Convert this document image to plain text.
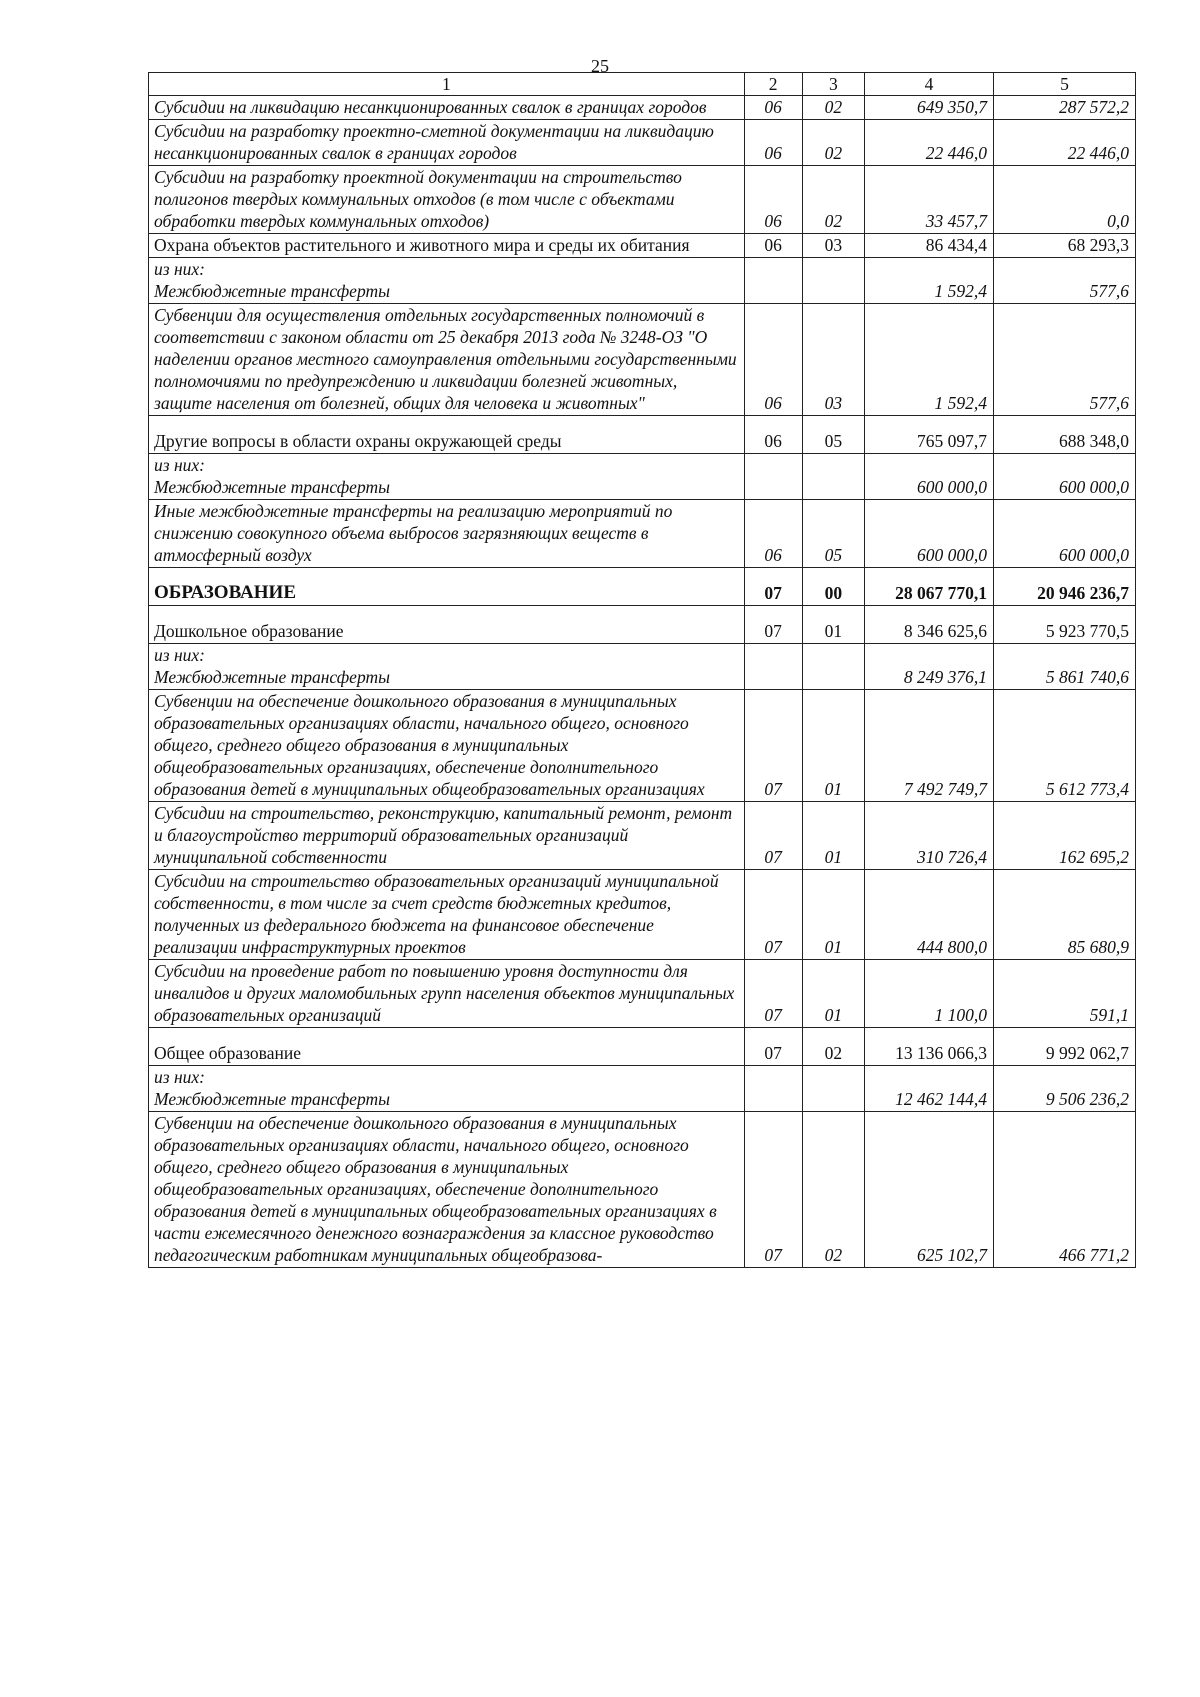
25
1	2	3	4	5
Субсидии на ликвидацию несанкционированных свалок в границах городов	06	02	649 350,7	287 572,2
Субсидии на разработку проектно-сметной документации на ликвидацию несанкционированных свалок в границах городов	06	02	22 446,0	22 446,0
Субсидии на разработку проектной документации на строительство полигонов твердых коммунальных отходов (в том числе с объектами обработки твердых коммунальных отходов)	06	02	33 457,7	0,0
Охрана объектов растительного и животного мира и среды их обитания	06	03	86 434,4	68 293,3

из них:
Межбюджетные трансферты			1 592,4	577,6
Субвенции для осуществления отдельных государственных полномочий в соответствии с законом области от 25 декабря 2013 года № 3248-ОЗ "О наделении органов местного самоуправления отдельными государственными полномочиями по предупреждению и ликвидации болезней животных, защите населения от болезней, общих для человека и животных"	06	03	1 592,4	577,6
Другие вопросы в области охраны окружающей среды	06	05	765 097,7	688 348,0

из них:
Межбюджетные трансферты			600 000,0	600 000,0
Иные межбюджетные трансферты на реализацию мероприятий по снижению совокупного объема выбросов загрязняющих веществ в атмосферный воздух	06	05	600 000,0	600 000,0
ОБРАЗОВАНИЕ	07	00	28 067 770,1	20 946 236,7
Дошкольное образование	07	01	8 346 625,6	5 923 770,5

из них:
Межбюджетные трансферты			8 249 376,1	5 861 740,6
Субвенции на обеспечение дошкольного образования в муниципальных образовательных организациях области, начального общего, основного общего, среднего общего образования в муниципальных общеобразовательных организациях, обеспечение дополнительного образования детей в муниципальных общеобразовательных организациях	07	01	7 492 749,7	5 612 773,4
Субсидии на строительство, реконструкцию, капитальный ремонт, ремонт и благоустройство территорий образовательных организаций муниципальной собственности	07	01	310 726,4	162 695,2
Субсидии на строительство образовательных организаций муниципальной собственности, в том числе за счет средств бюджетных кредитов, полученных из федерального бюджета на финансовое обеспечение реализации инфраструктурных проектов	07	01	444 800,0	85 680,9
Субсидии на проведение работ по повышению уровня доступности для инвалидов и других маломобильных групп населения объектов муниципальных образовательных организаций	07	01	1 100,0	591,1
Общее образование	07	02	13 136 066,3	9 992 062,7

из них:
Межбюджетные трансферты			12 462 144,4	9 506 236,2
Субвенции на обеспечение дошкольного образования в муниципальных образовательных организациях области, начального общего, основного общего, среднего общего образования в муниципальных общеобразовательных организациях, обеспечение дополнительного образования детей в муниципальных общеобразовательных организациях в части ежемесячного денежного вознаграждения за классное руководство педагогическим работникам муниципальных общеобразова-	07	02	625 102,7	466 771,2
